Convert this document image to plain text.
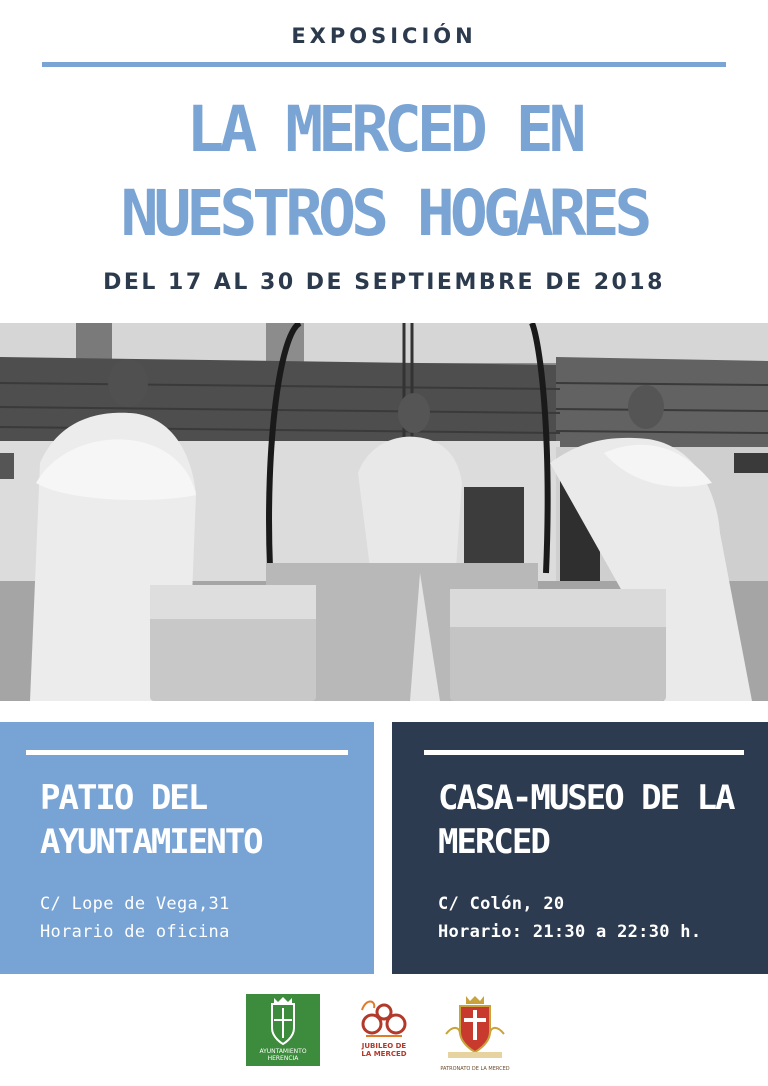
EXPOSICIÓN
LA MERCED EN
NUESTROS HOGARES
DEL 17 AL 30 DE SEPTIEMBRE DE 2018
PATIO DEL
AYUNTAMIENTO
C/ Lope de Vega,31
Horario de oficina
CASA-MUSEO DE LA
MERCED
C/ Colón, 20
Horario: 21:30 a 22:30 h.
AYUNTAMIENTO HERENCIA
JUBILEO DE
LA MERCED
PATRONATO DE LA MERCED
